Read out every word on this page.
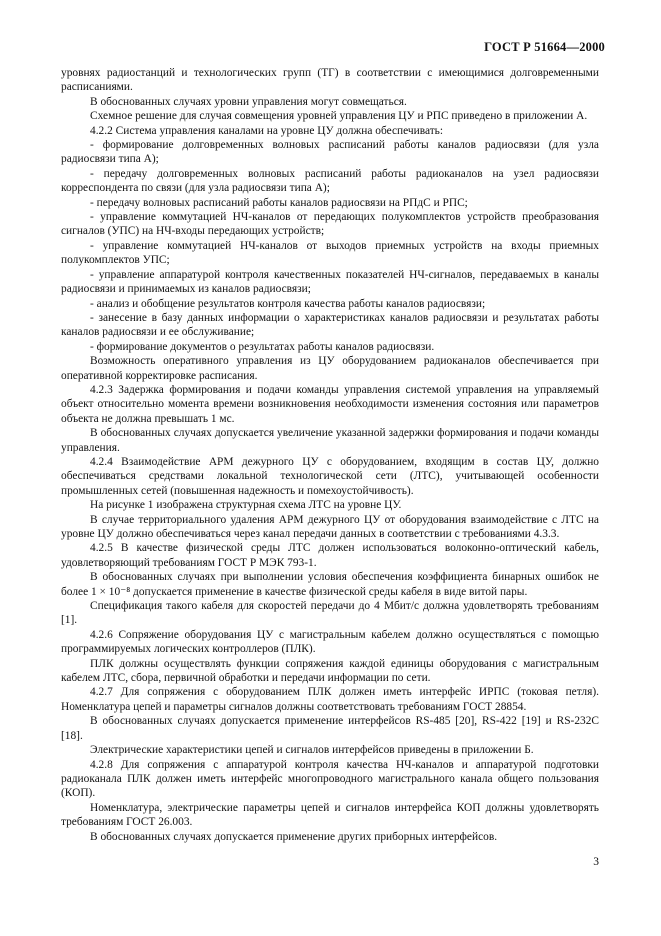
ГОСТ Р 51664—2000

уровнях радиостанций и технологических групп (ТГ) в соответствии с имеющимися долговременными расписаниями.

В обоснованных случаях уровни управления могут совмещаться.

Схемное решение для случая совмещения уровней управления ЦУ и РПС приведено в приложении А.

4.2.2 Система управления каналами на уровне ЦУ должна обеспечивать:

- формирование долговременных волновых расписаний работы каналов радиосвязи (для узла радиосвязи типа А);

- передачу долговременных волновых расписаний работы радиоканалов на узел радиосвязи корреспондента по связи (для узла радиосвязи типа А);

- передачу волновых расписаний работы каналов радиосвязи на РПдС и РПС;

- управление коммутацией НЧ-каналов от передающих полукомплектов устройств преобразования сигналов (УПС) на НЧ-входы передающих устройств;

- управление коммутацией НЧ-каналов от выходов приемных устройств на входы приемных полукомплектов УПС;

- управление аппаратурой контроля качественных показателей НЧ-сигналов, передаваемых в каналы радиосвязи и принимаемых из каналов радиосвязи;

- анализ и обобщение результатов контроля качества работы каналов радиосвязи;

- занесение в базу данных информации о характеристиках каналов радиосвязи и результатах работы каналов радиосвязи и ее обслуживание;

- формирование документов о результатах работы каналов радиосвязи.

Возможность оперативного управления из ЦУ оборудованием радиоканалов обеспечивается при оперативной корректировке расписания.

4.2.3 Задержка формирования и подачи команды управления системой управления на управляемый объект относительно момента времени возникновения необходимости изменения состояния или параметров объекта не должна превышать 1 мс.

В обоснованных случаях допускается увеличение указанной задержки формирования и подачи команды управления.

4.2.4 Взаимодействие АРМ дежурного ЦУ с оборудованием, входящим в состав ЦУ, должно обеспечиваться средствами локальной технологической сети (ЛТС), учитывающей особенности промышленных сетей (повышенная надежность и помехоустойчивость).

На рисунке 1 изображена структурная схема ЛТС на уровне ЦУ.

В случае территориального удаления АРМ дежурного ЦУ от оборудования взаимодействие с ЛТС на уровне ЦУ должно обеспечиваться через канал передачи данных в соответствии с требованиями 4.3.3.

4.2.5 В качестве физической среды ЛТС должен использоваться волоконно-оптический кабель, удовлетворяющий требованиям ГОСТ Р МЭК 793-1.

В обоснованных случаях при выполнении условия обеспечения коэффициента бинарных ошибок не более 1 × 10⁻⁸ допускается применение в качестве физической среды кабеля в виде витой пары.

Спецификация такого кабеля для скоростей передачи до 4 Мбит/с должна удовлетворять требованиям [1].

4.2.6 Сопряжение оборудования ЦУ с магистральным кабелем должно осуществляться с помощью программируемых логических контроллеров (ПЛК).

ПЛК должны осуществлять функции сопряжения каждой единицы оборудования с магистральным кабелем ЛТС, сбора, первичной обработки и передачи информации по сети.

4.2.7 Для сопряжения с оборудованием ПЛК должен иметь интерфейс ИРПС (токовая петля). Номенклатура цепей и параметры сигналов должны соответствовать требованиям ГОСТ 28854.

В обоснованных случаях допускается применение интерфейсов RS-485 [20], RS-422 [19] и RS-232C [18].

Электрические характеристики цепей и сигналов интерфейсов приведены в приложении Б.

4.2.8 Для сопряжения с аппаратурой контроля качества НЧ-каналов и аппаратурой подготовки радиоканала ПЛК должен иметь интерфейс многопроводного магистрального канала общего пользования (КОП).

Номенклатура, электрические параметры цепей и сигналов интерфейса КОП должны удовлетворять требованиям ГОСТ 26.003.

В обоснованных случаях допускается применение других приборных интерфейсов.

3
